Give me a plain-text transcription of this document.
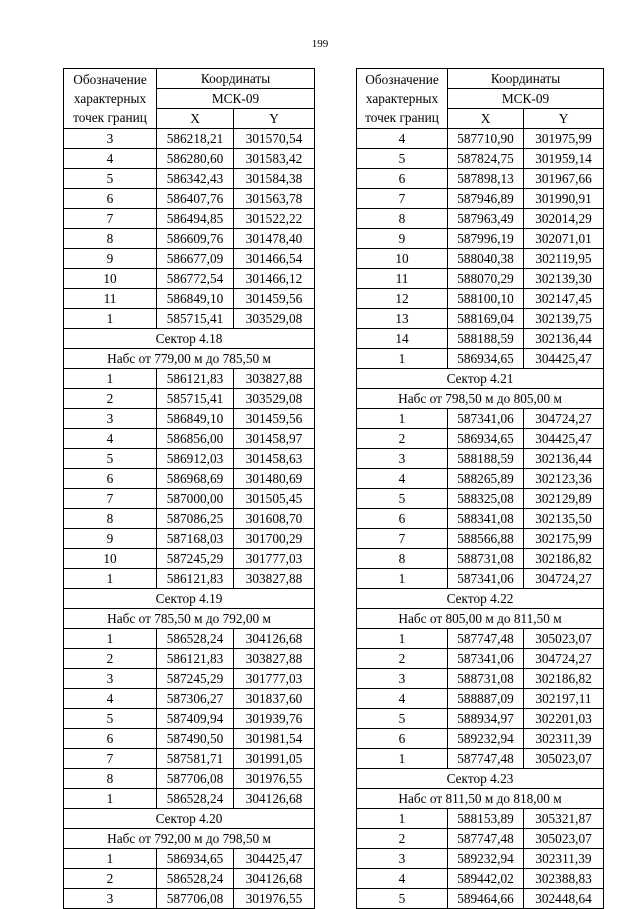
199
Обозначение
характерных
точек границ	Координаты	
	МСК-09	
	X	Y
3	586218,21	301570,54
4	586280,60	301583,42
5	586342,43	301584,38
6	586407,76	301563,78
7	586494,85	301522,22
8	586609,76	301478,40
9	586677,09	301466,54
10	586772,54	301466,12
11	586849,10	301459,56
1	585715,41	303529,08
Сектор 4.18		
Набс от 779,00 м до 785,50 м		
1	586121,83	303827,88
2	585715,41	303529,08
3	586849,10	301459,56
4	586856,00	301458,97
5	586912,03	301458,63
6	586968,69	301480,69
7	587000,00	301505,45
8	587086,25	301608,70
9	587168,03	301700,29
10	587245,29	301777,03
1	586121,83	303827,88
Сектор 4.19		
Набс от 785,50 м до 792,00 м		
1	586528,24	304126,68
2	586121,83	303827,88
3	587245,29	301777,03
4	587306,27	301837,60
5	587409,94	301939,76
6	587490,50	301981,54
7	587581,71	301991,05
8	587706,08	301976,55
1	586528,24	304126,68
Сектор 4.20		
Набс от 792,00 м до 798,50 м		
1	586934,65	304425,47
2	586528,24	304126,68
3	587706,08	301976,55
Обозначение
характерных
точек границ	Координаты	
	МСК-09	
	X	Y
4	587710,90	301975,99
5	587824,75	301959,14
6	587898,13	301967,66
7	587946,89	301990,91
8	587963,49	302014,29
9	587996,19	302071,01
10	588040,38	302119,95
11	588070,29	302139,30
12	588100,10	302147,45
13	588169,04	302139,75
14	588188,59	302136,44
1	586934,65	304425,47
Сектор 4.21		
Набс от 798,50 м до 805,00 м		
1	587341,06	304724,27
2	586934,65	304425,47
3	588188,59	302136,44
4	588265,89	302123,36
5	588325,08	302129,89
6	588341,08	302135,50
7	588566,88	302175,99
8	588731,08	302186,82
1	587341,06	304724,27
Сектор 4.22		
Набс от 805,00 м до 811,50 м		
1	587747,48	305023,07
2	587341,06	304724,27
3	588731,08	302186,82
4	588887,09	302197,11
5	588934,97	302201,03
6	589232,94	302311,39
1	587747,48	305023,07
Сектор 4.23		
Набс от 811,50 м до 818,00 м		
1	588153,89	305321,87
2	587747,48	305023,07
3	589232,94	302311,39
4	589442,02	302388,83
5	589464,66	302448,64
